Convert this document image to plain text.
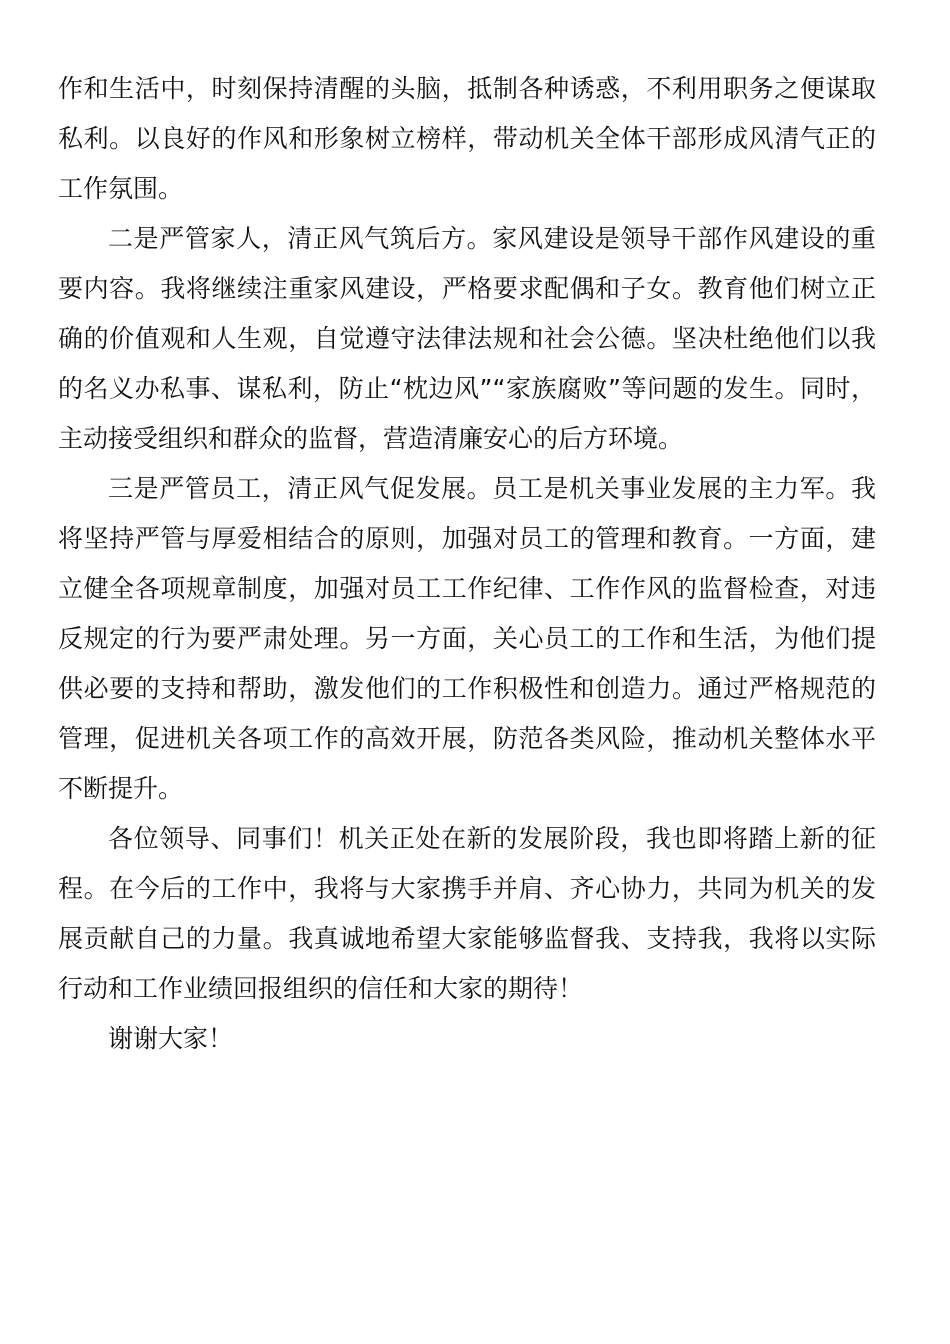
作和生活中，时刻保持清醒的头脑，抵制各种诱惑，不利用职务之便谋取私利。以良好的作风和形象树立榜样，带动机关全体干部形成风清气正的工作氛围。

二是严管家人，清正风气筑后方。家风建设是领导干部作风建设的重要内容。我将继续注重家风建设，严格要求配偶和子女。教育他们树立正确的价值观和人生观，自觉遵守法律法规和社会公德。坚决杜绝他们以我的名义办私事、谋私利，防止“枕边风”“家族腐败”等问题的发生。同时，主动接受组织和群众的监督，营造清廉安心的后方环境。

三是严管员工，清正风气促发展。员工是机关事业发展的主力军。我将坚持严管与厚爱相结合的原则，加强对员工的管理和教育。一方面，建立健全各项规章制度，加强对员工工作纪律、工作作风的监督检查，对违反规定的行为要严肃处理。另一方面，关心员工的工作和生活，为他们提供必要的支持和帮助，激发他们的工作积极性和创造力。通过严格规范的管理，促进机关各项工作的高效开展，防范各类风险，推动机关整体水平不断提升。

各位领导、同事们！机关正处在新的发展阶段，我也即将踏上新的征程。在今后的工作中，我将与大家携手并肩、齐心协力，共同为机关的发展贡献自己的力量。我真诚地希望大家能够监督我、支持我，我将以实际行动和工作业绩回报组织的信任和大家的期待！

谢谢大家！
